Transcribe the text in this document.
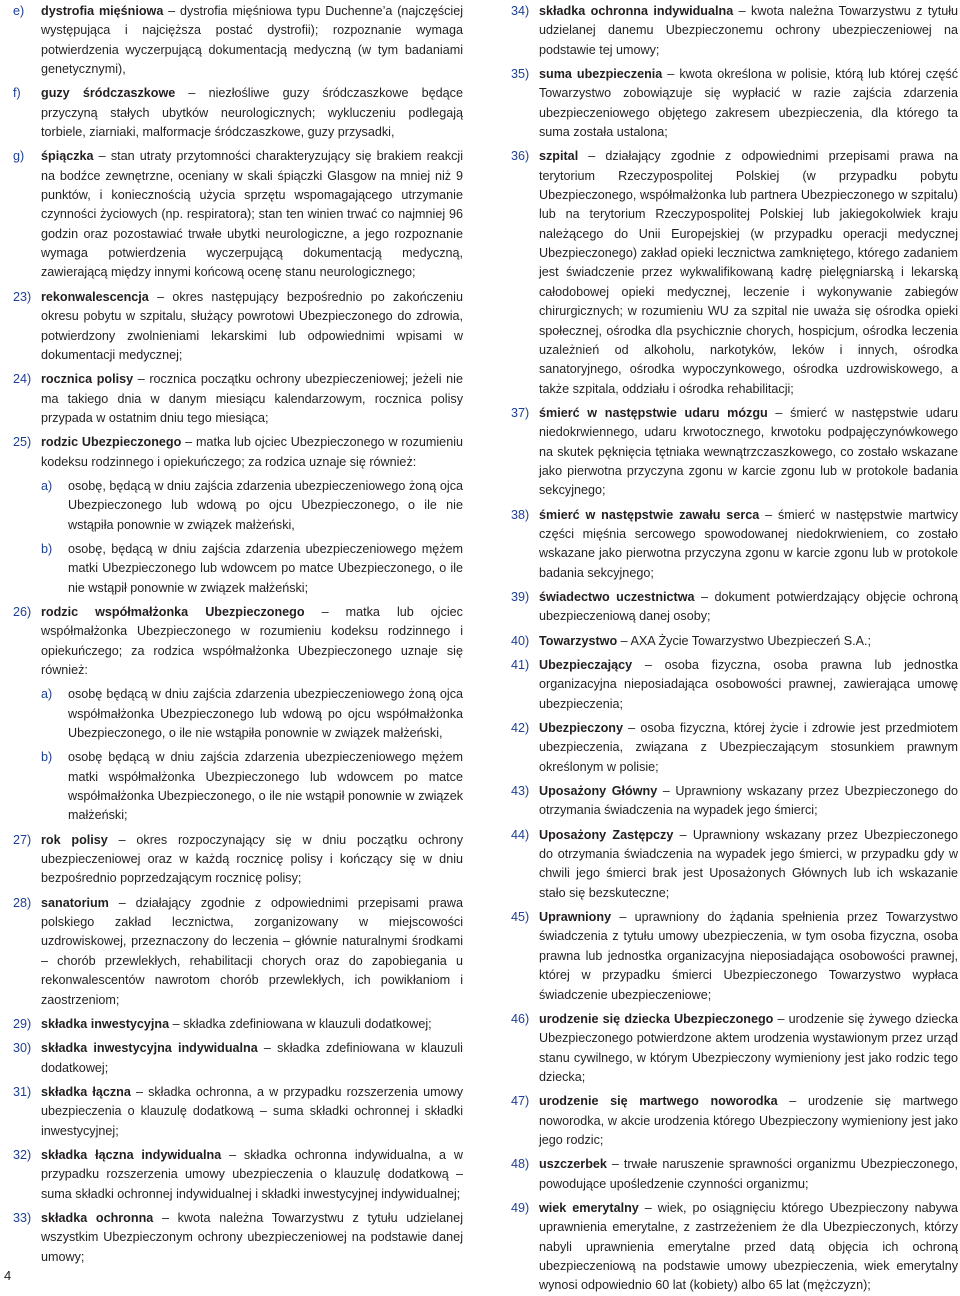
e) dystrofia mięśniowa – dystrofia mięśniowa typu Duchenne’a (najczęściej występująca i najcięższa postać dystrofii); rozpoznanie wymaga potwierdzenia wyczerpującą dokumentacją medyczną (w tym badaniami genetycznymi),
f) guzy śródczaszkowe – niezłośliwe guzy śródczaszkowe będące przyczyną stałych ubytków neurologicznych; wykluczeniu podlegają torbiele, ziarniaki, malformacje śródczaszkowe, guzy przysadki,
g) śpiączka – stan utraty przytomności charakteryzujący się brakiem reakcji na bodźce zewnętrzne, oceniany w skali śpiączki Glasgow na mniej niż 9 punktów, i koniecznością użycia sprzętu wspomagającego utrzymanie czynności życiowych (np. respiratora); stan ten winien trwać co najmniej 96 godzin oraz pozostawiać trwałe ubytki neurologiczne, a jego rozpoznanie wymaga potwierdzenia wyczerpującą dokumentacją medyczną, zawierającą między innymi końcową ocenę stanu neurologicznego;
23) rekonwalescencja – okres następujący bezpośrednio po zakończeniu okresu pobytu w szpitalu, służący powrotowi Ubezpieczonego do zdrowia, potwierdzony zwolnieniami lekarskimi lub odpowiednimi wpisami w dokumentacji medycznej;
24) rocznica polisy – rocznica początku ochrony ubezpieczeniowej; jeżeli nie ma takiego dnia w danym miesiącu kalendarzowym, rocznica polisy przypada w ostatnim dniu tego miesiąca;
25) rodzic Ubezpieczonego – matka lub ojciec Ubezpieczonego w rozumieniu kodeksu rodzinnego i opiekuńczego; za rodzica uznaje się również:
a) osobę, będącą w dniu zajścia zdarzenia ubezpieczeniowego żoną ojca Ubezpieczonego lub wdową po ojcu Ubezpieczonego, o ile nie wstąpiła ponownie w związek małżeński,
b) osobę, będącą w dniu zajścia zdarzenia ubezpieczeniowego mężem matki Ubezpieczonego lub wdowcem po matce Ubezpieczonego, o ile nie wstąpił ponownie w związek małżeński;
26) rodzic współmałżonka Ubezpieczonego – matka lub ojciec współmałżonka Ubezpieczonego w rozumieniu kodeksu rodzinnego i opiekuńczego; za rodzica współmałżonka Ubezpieczonego uznaje się również:
a) osobę będącą w dniu zajścia zdarzenia ubezpieczeniowego żoną ojca współmałżonka Ubezpieczonego lub wdową po ojcu współmałżonka Ubezpieczonego, o ile nie wstąpiła ponownie w związek małżeński,
b) osobę będącą w dniu zajścia zdarzenia ubezpieczeniowego mężem matki współmałżonka Ubezpieczonego lub wdowcem po matce współmałżonka Ubezpieczonego, o ile nie wstąpił ponownie w związek małżeński;
27) rok polisy – okres rozpoczynający się w dniu początku ochrony ubezpieczeniowej oraz w każdą rocznicę polisy i kończący się w dniu bezpośrednio poprzedzającym rocznicę polisy;
28) sanatorium – działający zgodnie z odpowiednimi przepisami prawa polskiego zakład lecznictwa, zorganizowany w miejscowości uzdrowiskowej, przeznaczony do leczenia – głównie naturalnymi środkami – chorób przewlekłych, rehabilitacji chorych oraz do zapobiegania u rekonwalescentów nawrotom chorób przewlekłych, ich powikłaniom i zaostrzeniom;
29) składka inwestycyjna – składka zdefiniowana w klauzuli dodatkowej;
30) składka inwestycyjna indywidualna – składka zdefiniowana w klauzuli dodatkowej;
31) składka łączna – składka ochronna, a w przypadku rozszerzenia umowy ubezpieczenia o klauzulę dodatkową – suma składki ochronnej i składki inwestycyjnej;
32) składka łączna indywidualna – składka ochronna indywidualna, a w przypadku rozszerzenia umowy ubezpieczenia o klauzulę dodatkową – suma składki ochronnej indywidualnej i składki inwestycyjnej indywidualnej;
33) składka ochronna – kwota należna Towarzystwu z tytułu udzielanej wszystkim Ubezpieczonym ochrony ubezpieczeniowej na podstawie danej umowy;
34) składka ochronna indywidualna – kwota należna Towarzystwu z tytułu udzielanej danemu Ubezpieczonemu ochrony ubezpieczeniowej na podstawie tej umowy;
35) suma ubezpieczenia – kwota określona w polisie, którą lub której część Towarzystwo zobowiązuje się wypłacić w razie zajścia zdarzenia ubezpieczeniowego objętego zakresem ubezpieczenia, dla którego ta suma została ustalona;
36) szpital – działający zgodnie z odpowiednimi przepisami prawa na terytorium Rzeczypospolitej Polskiej (w przypadku pobytu Ubezpieczonego, współmałżonka lub partnera Ubezpieczonego w szpitalu) lub na terytorium Rzeczypospolitej Polskiej lub jakiegokolwiek kraju należącego do Unii Europejskiej (w przypadku operacji medycznej Ubezpieczonego) zakład opieki lecznictwa zamkniętego, którego zadaniem jest świadczenie przez wykwalifikowaną kadrę pielęgniarską i lekarską całodobowej opieki medycznej, leczenie i wykonywanie zabiegów chirurgicznych; w rozumieniu WU za szpital nie uważa się ośrodka opieki społecznej, ośrodka dla psychicznie chorych, hospicjum, ośrodka leczenia uzależnień od alkoholu, narkotyków, leków i innych, ośrodka sanatoryjnego, ośrodka wypoczynkowego, ośrodka uzdrowiskowego, a także szpitala, oddziału i ośrodka rehabilitacji;
37) śmierć w następstwie udaru mózgu – śmierć w następstwie udaru niedokrwiennego, udaru krwotocznego, krwotoku podpajęczynówkowego na skutek pęknięcia tętniaka wewnątrzczaszkowego, co zostało wskazane jako pierwotna przyczyna zgonu w karcie zgonu lub w protokole badania sekcyjnego;
38) śmierć w następstwie zawału serca – śmierć w następstwie martwicy części mięśnia sercowego spowodowanej niedokrwieniem, co zostało wskazane jako pierwotna przyczyna zgonu w karcie zgonu lub w protokole badania sekcyjnego;
39) świadectwo uczestnictwa – dokument potwierdzający objęcie ochroną ubezpieczeniową danej osoby;
40) Towarzystwo – AXA Życie Towarzystwo Ubezpieczeń S.A.;
41) Ubezpieczający – osoba fizyczna, osoba prawna lub jednostka organizacyjna nieposiadająca osobowości prawnej, zawierająca umowę ubezpieczenia;
42) Ubezpieczony – osoba fizyczna, której życie i zdrowie jest przedmiotem ubezpieczenia, związana z Ubezpieczającym stosunkiem prawnym określonym w polisie;
43) Uposażony Główny – Uprawniony wskazany przez Ubezpieczonego do otrzymania świadczenia na wypadek jego śmierci;
44) Uposażony Zastępczy – Uprawniony wskazany przez Ubezpieczonego do otrzymania świadczenia na wypadek jego śmierci, w przypadku gdy w chwili jego śmierci brak jest Uposażonych Głównych lub ich wskazanie stało się bezskuteczne;
45) Uprawniony – uprawniony do żądania spełnienia przez Towarzystwo świadczenia z tytułu umowy ubezpieczenia, w tym osoba fizyczna, osoba prawna lub jednostka organizacyjna nieposiadająca osobowości prawnej, której w przypadku śmierci Ubezpieczonego Towarzystwo wypłaca świadczenie ubezpieczeniowe;
46) urodzenie się dziecka Ubezpieczonego – urodzenie się żywego dziecka Ubezpieczonego potwierdzone aktem urodzenia wystawionym przez urząd stanu cywilnego, w którym Ubezpieczony wymieniony jest jako rodzic tego dziecka;
47) urodzenie się martwego noworodka – urodzenie się martwego noworodka, w akcie urodzenia którego Ubezpieczony wymieniony jest jako jego rodzic;
48) uszczerbek – trwałe naruszenie sprawności organizmu Ubezpieczonego, powodujące upośledzenie czynności organizmu;
49) wiek emerytalny – wiek, po osiągnięciu którego Ubezpieczony nabywa uprawnienia emerytalne, z zastrzeżeniem że dla Ubezpieczonych, którzy nabyli uprawnienia emerytalne przed datą objęcia ich ochroną ubezpieczeniową na podstawie umowy ubezpieczenia, wiek emerytalny wynosi odpowiednio 60 lat (kobiety) albo 65 lat (mężczyzn);
4
